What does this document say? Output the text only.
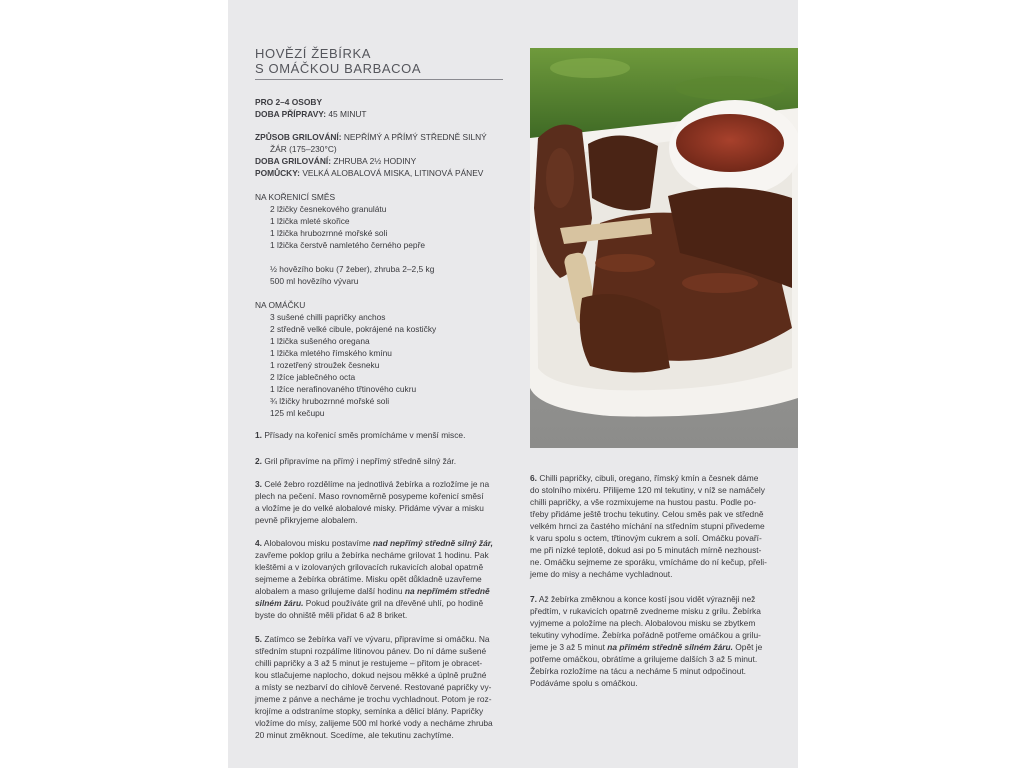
HOVĚZÍ ŽEBÍRKA
S OMÁČKOU BARBACOA
PRO 2–4 OSOBY
DOBA PŘÍPRAVY: 45 MINUT
ZPŮSOB GRILOVÁNÍ: NEPŘÍMÝ A PŘÍMÝ STŘEDNĚ SILNÝ
ŽÁR (175–230°C)
DOBA GRILOVÁNÍ: ZHRUBA 2½ HODINY
POMŮCKY: VELKÁ ALOBALOVÁ MISKA, LITINOVÁ PÁNEV
NA KOŘENICÍ SMĚS
2 lžičky česnekového granulátu
1 lžička mleté skořice
1 lžička hrubozrnné mořské soli
1 lžička čerstvě namletého černého pepře
½ hovězího boku (7 žeber), zhruba 2–2,5 kg
500 ml hovězího vývaru
NA OMÁČKU
3 sušené chilli papričky anchos
2 středně velké cibule, pokrájené na kostičky
1 lžička sušeného oregana
1 lžička mletého římského kmínu
1 rozetřený stroužek česneku
2 lžíce jablečného octa
1 lžíce nerafinovaného třtinového cukru
¾ lžičky hrubozrnné mořské soli
125 ml kečupu
1. Přísady na kořenicí směs promícháme v menší misce.
2. Gril připravíme na přímý i nepřímý středně silný žár.
3. Celé žebro rozdělíme na jednotlivá žebírka a rozložíme je na
plech na pečení. Maso rovnoměrně posypeme kořenicí směsí
a vložíme je do velké alobalové misky. Přidáme vývar a misku
pevně přikryjeme alobalem.
4. Alobalovou misku postavíme nad nepřímý středně silný žár,
zavřeme poklop grilu a žebírka necháme grilovat 1 hodinu. Pak
kleštěmi a v izolovaných grilovacích rukavicích alobal opatrně
sejmeme a žebírka obrátíme. Misku opět důkladně uzavřeme
alobalem a maso grilujeme další hodinu na nepřímém středně
silném žáru. Pokud používáte gril na dřevěné uhlí, po hodině
byste do ohniště měli přidat 6 až 8 briket.
5. Zatímco se žebírka vaří ve vývaru, připravíme si omáčku. Na
středním stupni rozpálíme litinovou pánev. Do ní dáme sušené
chilli papričky a 3 až 5 minut je restujeme – přitom je obracet-
kou stlačujeme naplocho, dokud nejsou měkké a úplně pružné
a místy se nezbarví do cihlově červené. Restované papričky vy-
jmeme z pánve a necháme je trochu vychladnout. Potom je roz-
krojíme a odstraníme stopky, semínka a dělicí blány. Papričky
vložíme do mísy, zalijeme 500 ml horké vody a necháme zhruba
20 minut změknout. Scedíme, ale tekutinu zachytíme.
6. Chilli papričky, cibuli, oregano, římský kmín a česnek dáme
do stolního mixéru. Přilijeme 120 ml tekutiny, v níž se namáčely
chilli papričky, a vše rozmixujeme na hustou pastu. Podle po-
třeby přidáme ještě trochu tekutiny. Celou směs pak ve středně
velkém hrnci za častého míchání na středním stupni přivedeme
k varu spolu s octem, třtinovým cukrem a solí. Omáčku povaří-
me při nízké teplotě, dokud asi po 5 minutách mírně nezhoust-
ne. Omáčku sejmeme ze sporáku, vmícháme do ní kečup, přeli-
jeme do misy a necháme vychladnout.
7. Až žebírka změknou a konce kostí jsou vidět výrazněji než
předtím, v rukavicích opatrně zvedneme misku z grilu. Žebírka
vyjmeme a položíme na plech. Alobalovou misku se zbytkem
tekutiny vyhodíme. Žebírka pořádně potřeme omáčkou a grilu-
jeme je 3 až 5 minut na přímém středně silném žáru. Opět je
potřeme omáčkou, obrátíme a grilujeme dalších 3 až 5 minut.
Žebírka rozložíme na tácu a necháme 5 minut odpočinout.
Podáváme spolu s omáčkou.
